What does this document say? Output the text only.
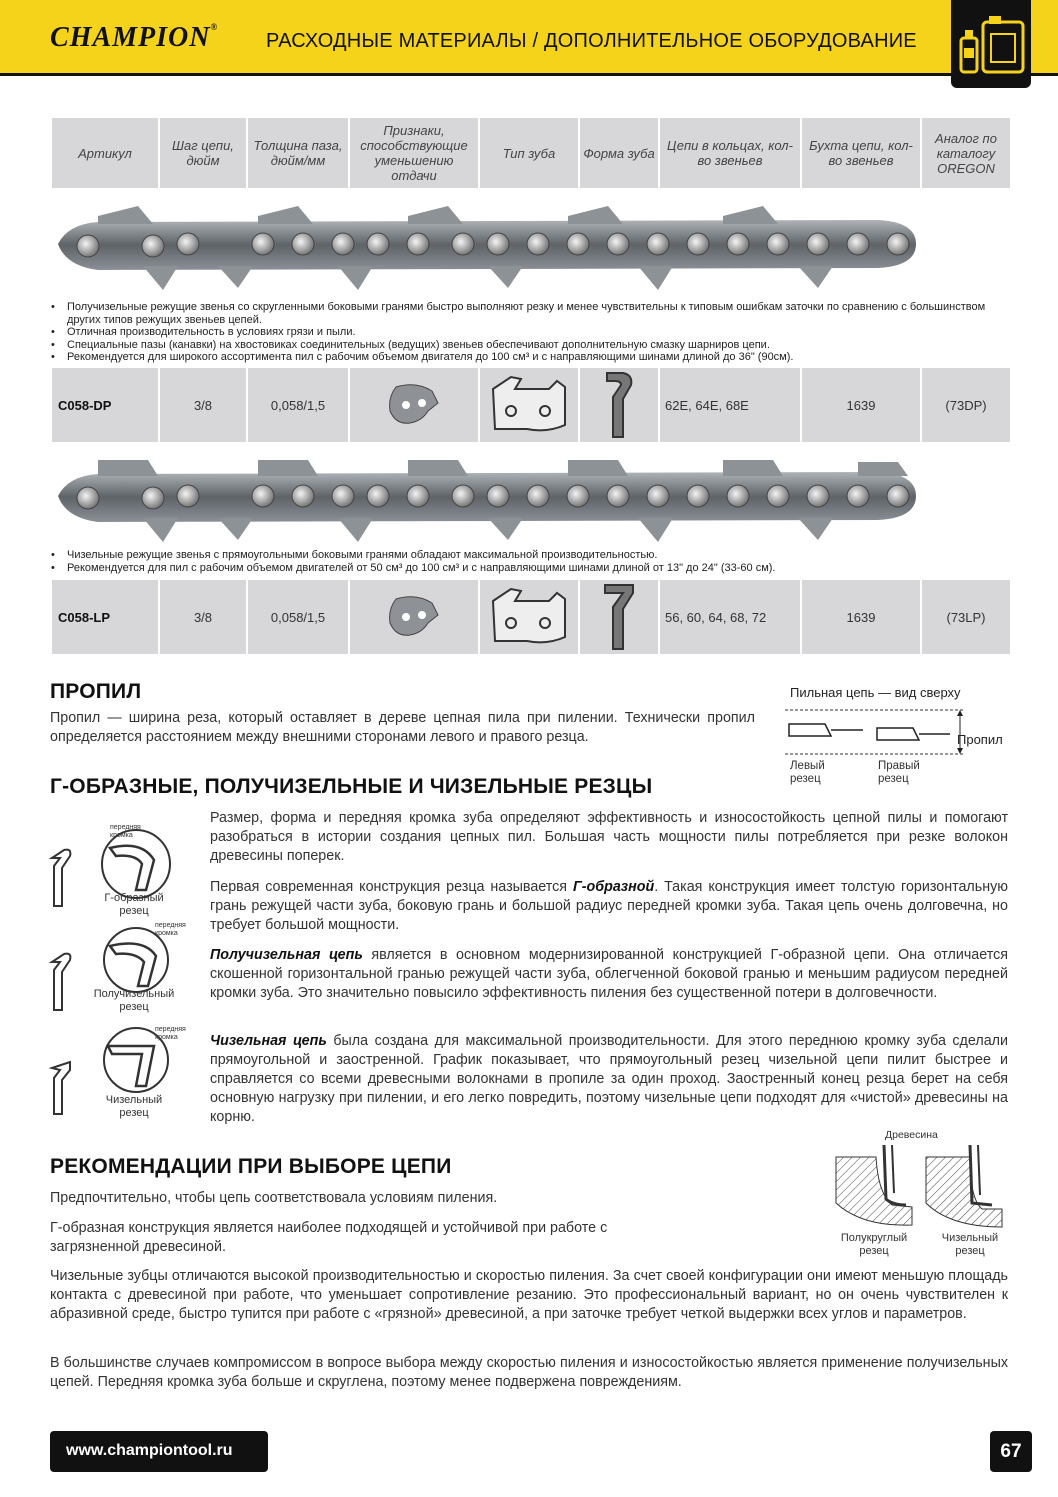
CHAMPION®
РАСХОДНЫЕ МАТЕРИАЛЫ / ДОПОЛНИТЕЛЬНОЕ ОБОРУДОВАНИЕ
Артикул	Шаг цепи, дюйм	Толщина паза, дюйм/мм	Признаки, способствующие уменьшению отдачи	Тип зуба	Форма зуба	Цепи в кольцах, кол-во звеньев	Бухта цепи, кол-во звеньев	Аналог по каталогу OREGON
• Получизельные режущие звенья со скругленными боковыми гранями быстро выполняют резку и менее чувствительны к типовым ошибкам заточки по сравнению с большинством других типов режущих звеньев цепей.
• Отличная производительность в условиях грязи и пыли.
• Специальные пазы (канавки) на хвостовиках соединительных (ведущих) звеньев обеспечивают дополнительную смазку шарниров цепи.
• Рекомендуется для широкого ассортимента пил с рабочим объемом двигателя до 100 см³ и с направляющими шинами длиной до 36" (90см).
C058-DP	3/8	0,058/1,5				62E, 64E, 68E	1639	(73DP)
• Чизельные режущие звенья с прямоугольными боковыми гранями обладают максимальной производительностью.
• Рекомендуется для пил с рабочим объемом двигателей от 50 см³ до 100 см³ и с направляющими шинами длиной от 13" до 24" (33-60 см).
C058-LP	3/8	0,058/1,5				56, 60, 64, 68, 72	1639	(73LP)
ПРОПИЛ
Пропил — ширина реза, который оставляет в дереве цепная пила при пилении. Технически пропил определяется расстоянием между внешними сторонами левого и правого резца.
Пильная цепь — вид сверху
Пропил
Левый резец
Правый резец
Г-ОБРАЗНЫЕ, ПОЛУЧИЗЕЛЬНЫЕ И ЧИЗЕЛЬНЫЕ РЕЗЦЫ
Размер, форма и передняя кромка зуба определяют эффективность и износостойкость цепной пилы и помогают разобраться в истории создания цепных пил. Большая часть мощности пилы потребляется при резке волокон древесины поперек.
Первая современная конструкция резца называется Г-образной. Такая конструкция имеет толстую горизонтальную грань режущей части зуба, боковую грань и большой радиус передней кромки зуба. Такая цепь очень долговечна, но требует большой мощности.
Получизельная цепь является в основном модернизированной конструкцией Г-образной цепи. Она отличается скошенной горизонтальной гранью режущей части зуба, облегченной боковой гранью и меньшим радиусом передней кромки зуба. Это значительно повысило эффективность пиления без существенной потери в долговечности.
Чизельная цепь была создана для максимальной производительности. Для этого переднюю кромку зуба сделали прямоугольной и заостренной. График показывает, что прямоугольный резец чизельной цепи пилит быстрее и справляется со всеми древесными волокнами в пропиле за один проход. Заостренный конец резца берет на себя основную нагрузку при пилении, и его легко повредить, поэтому чизельные цепи подходят для «чистой» древесины на корню.
передняя кромка
Г-образный резец
передняя кромка
Получизельный резец
передняя кромка
Чизельный резец
РЕКОМЕНДАЦИИ ПРИ ВЫБОРЕ ЦЕПИ
Предпочтительно, чтобы цепь соответствовала условиям пиления.
Г-образная конструкция является наиболее подходящей и устойчивой при работе с загрязненной древесиной.
Чизельные зубцы отличаются высокой производительностью и скоростью пиления. За счет своей конфигурации они имеют меньшую площадь контакта с древесиной при работе, что уменьшает сопротивление резанию. Это профессиональный вариант, но он очень чувствителен к абразивной среде, быстро тупится при работе с «грязной» древесиной, а при заточке требует четкой выдержки всех углов и параметров.
В большинстве случаев компромиссом в вопросе выбора между скоростью пиления и износостойкостью является применение получизельных цепей. Передняя кромка зуба больше и скруглена, поэтому менее подвержена повреждениям.
Древесина
Полукруглый резец
Чизельный резец
www.championtool.ru	67
